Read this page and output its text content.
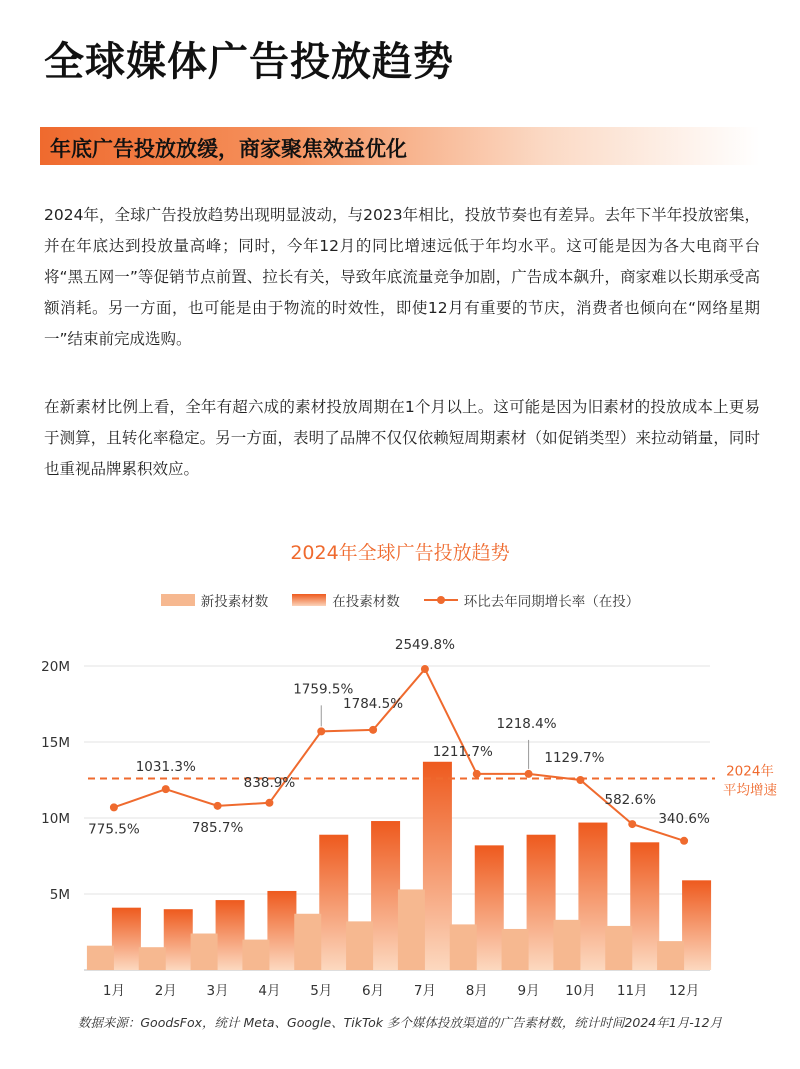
全球媒体广告投放趋势
年底广告投放放缓，商家聚焦效益优化

2024年，全球广告投放趋势出现明显波动，与2023年相比，投放节奏也有差异。去年下半年投放密集，并在年底达到投放量高峰；同时，今年12月的同比增速远低于年均水平。这可能是因为各大电商平台将“黑五网一”等促销节点前置、拉长有关，导致年底流量竞争加剧，广告成本飙升，商家难以长期承受高额消耗。另一方面，也可能是由于物流的时效性，即使12月有重要的节庆，消费者也倾向在“网络星期一”结束前完成选购。

在新素材比例上看，全年有超六成的素材投放周期在1个月以上。这可能是因为旧素材的投放成本上更易于测算，且转化率稳定。另一方面，表明了品牌不仅仅依赖短周期素材（如促销类型）来拉动销量，同时也重视品牌累积效应。

2024年全球广告投放趋势
新投素材数	在投素材数	环比去年同期增长率（在投）
5M
10M
15M
20M
2024年
平均增速
1月 2月 3月 4月 5月 6月 7月 8月 9月 10月 11月 12月
775.5%
1031.3%
785.7%
838.9%
1759.5%
1784.5%
2549.8%
1211.7%
1218.4%
1129.7%
582.6%
340.6%
数据来源：GoodsFox，统计 Meta、Google、TikTok 多个媒体投放渠道的广告素材数，统计时间2024年1月-12月
